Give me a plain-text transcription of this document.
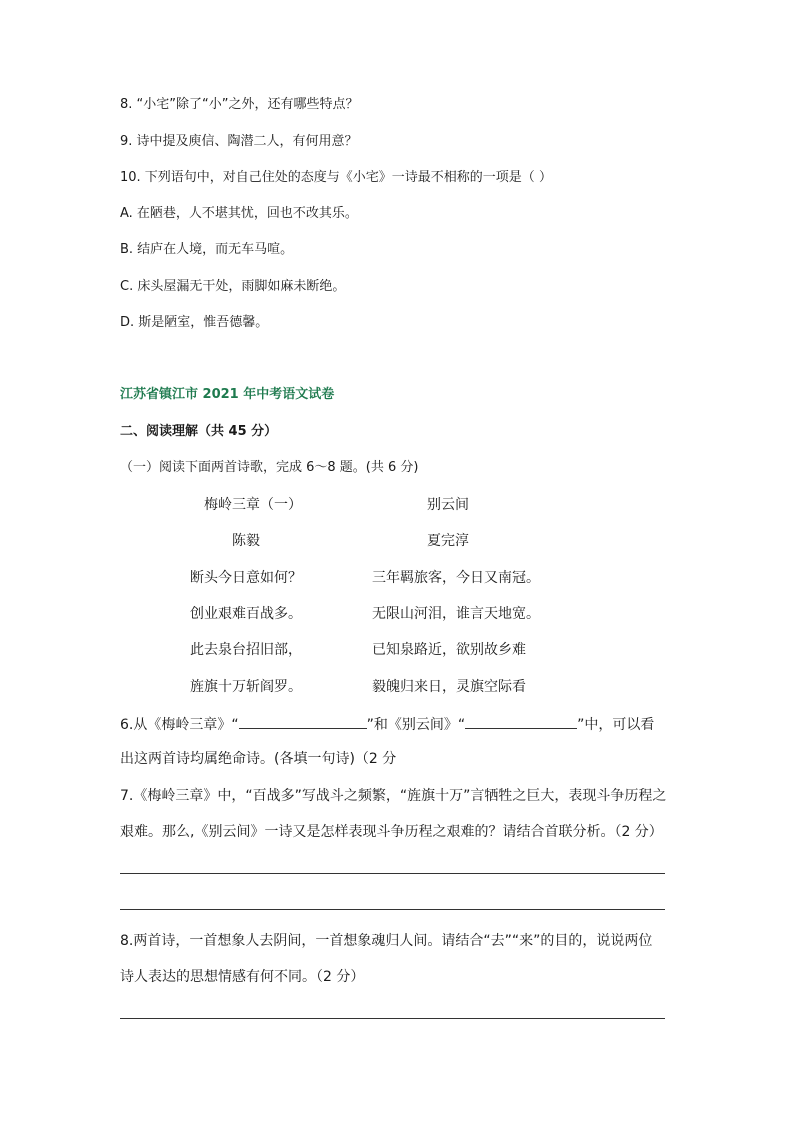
8. “小宅”除了“小”之外，还有哪些特点？
9. 诗中提及庾信、陶潜二人，有何用意？
10. 下列语句中，对自己住处的态度与《小宅》一诗最不相称的一项是（ ）
A. 在陋巷，人不堪其忧，回也不改其乐。
B. 结庐在人境，而无车马喧。
C. 床头屋漏无干处，雨脚如麻未断绝。
D. 斯是陋室，惟吾德馨。
江苏省镇江市 2021 年中考语文试卷
二、阅读理解（共 45 分）
（一）阅读下面两首诗歌，完成 6～8 题。(共 6 分)
梅岭三章（一）	别云间
陈毅	夏完淳
断头今日意如何？	三年羁旅客，今日又南冠。
创业艰难百战多。	无限山河泪，谁言天地宽。
此去泉台招旧部，	已知泉路近，欲别故乡难
旌旗十万斩阎罗。	毅魄归来日，灵旗空际看
6.从《梅岭三章》“	”和《别云间》“	”中，可以看
出这两首诗均属绝命诗。(各填一句诗)（2 分
7.《梅岭三章》中，“百战多”写战斗之频繁，“旌旗十万”言牺牲之巨大，表现斗争历程之
艰难。那么,《别云间》一诗又是怎样表现斗争历程之艰难的？请结合首联分析。（2 分）
8.两首诗，一首想象人去阴间，一首想象魂归人间。请结合“去”“来”的目的，说说两位
诗人表达的思想情感有何不同。（2 分）
